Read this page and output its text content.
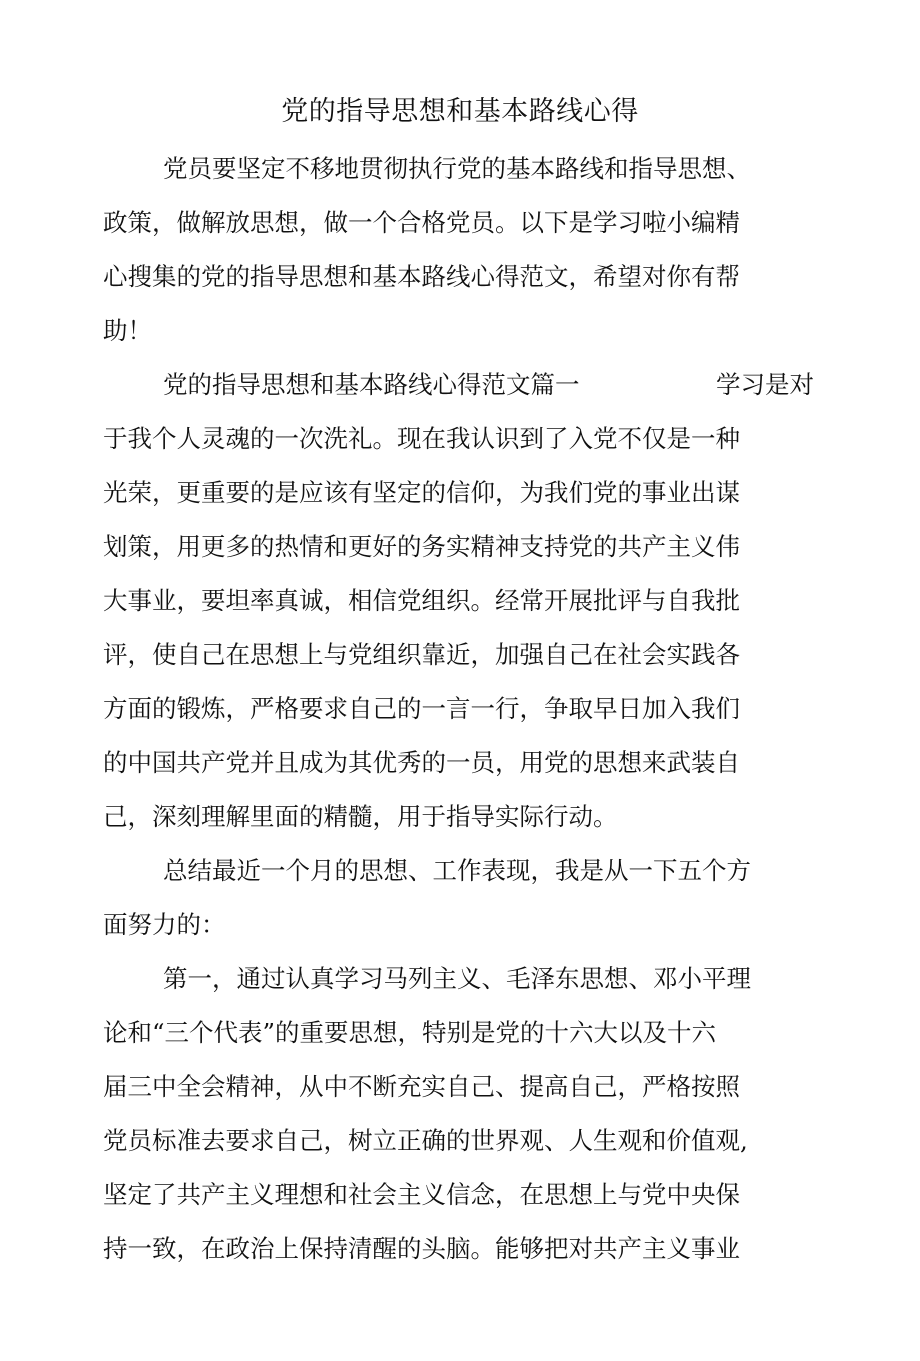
党的指导思想和基本路线心得
党员要坚定不移地贯彻执行党的基本路线和指导思想、
政策，做解放思想，做一个合格党员。以下是学习啦小编精
心搜集的党的指导思想和基本路线心得范文，希望对你有帮
助！
党的指导思想和基本路线心得范文篇一	学习是对
于我个人灵魂的一次洗礼。现在我认识到了入党不仅是一种
光荣，更重要的是应该有坚定的信仰，为我们党的事业出谋
划策，用更多的热情和更好的务实精神支持党的共产主义伟
大事业，要坦率真诚，相信党组织。经常开展批评与自我批
评，使自己在思想上与党组织靠近，加强自己在社会实践各
方面的锻炼，严格要求自己的一言一行，争取早日加入我们
的中国共产党并且成为其优秀的一员，用党的思想来武装自
己，深刻理解里面的精髓，用于指导实际行动。
总结最近一个月的思想、工作表现，我是从一下五个方
面努力的：
第一，通过认真学习马列主义、毛泽东思想、邓小平理
论和“三个代表”的重要思想，特别是党的十六大以及十六
届三中全会精神，从中不断充实自己、提高自己，严格按照
党员标准去要求自己，树立正确的世界观、人生观和价值观,
坚定了共产主义理想和社会主义信念，在思想上与党中央保
持一致，在政治上保持清醒的头脑。能够把对共产主义事业
